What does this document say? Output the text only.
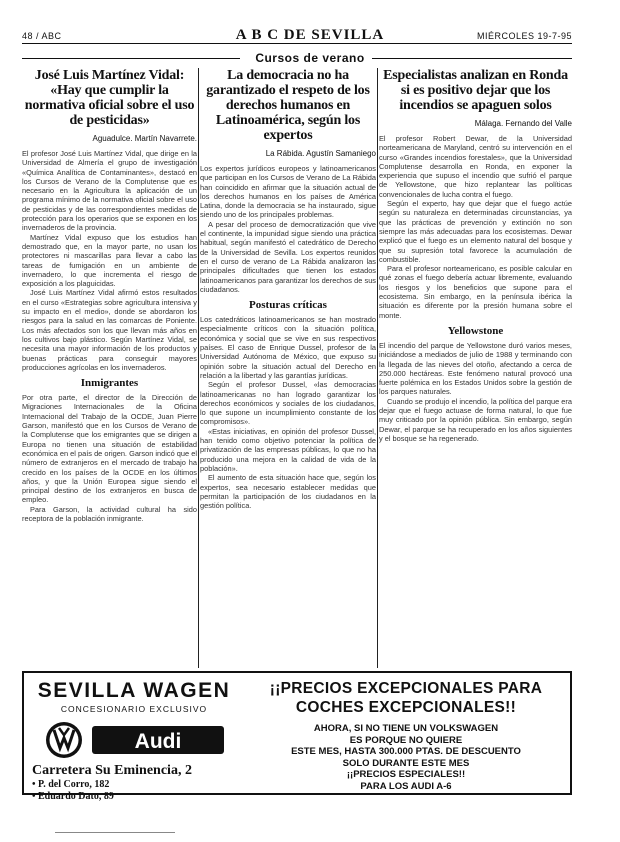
48 / ABC	A B C DE SEVILLA	MIÉRCOLES 19-7-95
Cursos de verano
José Luis Martínez Vidal: «Hay que cumplir la normativa oficial sobre el uso de pesticidas»
Aguadulce. Martín Navarrete.

El profesor José Luis Martínez Vidal, que dirige en la Universidad de Almería el grupo de investigación «Química Analítica de Contaminantes», destacó en los Cursos de Verano de la Complutense que es necesario en la Agricultura la aplicación de un programa mínimo de la normativa oficial sobre el uso de pesticidas y de las correspondientes medidas de protección para los operarios que se exponen en los invernaderos de la provincia.

Martínez Vidal expuso que los estudios han demostrado que, en la mayor parte, no usan los protectores ni mascarillas para llevar a cabo las tareas de fumigación en un ambiente de invernadero, lo que incrementa el riesgo de exposición a los plaguicidas.

José Luis Martínez Vidal afirmó estos resultados en el curso «Estrategias sobre agricultura intensiva y su impacto en el medio», donde se abordaron los riesgos para la salud en las comarcas de Poniente. Los más afectados son los que llevan más años en los cultivos bajo plástico. Según Martínez Vidal, se necesita una mayor información de los productos y buenas prácticas para conseguir mayores producciones agrícolas en los invernaderos.

Inmigrantes

Por otra parte, el director de la Dirección de Migraciones Internacionales de la Oficina Internacional del Trabajo de la OCDE, Juan Pierre Garson, manifestó que en los Cursos de Verano de la Complutense que los emigrantes que se dirigen a Europa no tienen una situación de estabilidad económica en el país de origen. Garson indicó que el número de extranjeros en el mercado de trabajo ha crecido en los países de la OCDE en los últimos años, y que la Unión Europea sigue siendo el principal destino de los extranjeros en busca de empleo.

Para Garson, la actividad cultural ha sido receptora de la población inmigrante.

La democracia no ha garantizado el respeto de los derechos humanos en Latinoamérica, según los expertos
La Rábida. Agustín Samaniego

Los expertos jurídicos europeos y latinoamericanos que participan en los Cursos de Verano de La Rábida han coincidido en afirmar que la situación actual de los derechos humanos en los países de América Latina, donde la democracia se ha instaurado, sigue siendo uno de los principales problemas.

A pesar del proceso de democratización que vive el continente, la impunidad sigue siendo una práctica habitual, según manifestó el catedrático de Derecho de la Universidad de Sevilla. Los expertos reunidos en el curso de verano de La Rábida analizaron las principales dificultades que tienen los estados latinoamericanos para garantizar los derechos de sus ciudadanos.

Posturas críticas

Los catedráticos latinoamericanos se han mostrado especialmente críticos con la situación política, económica y social que se vive en sus respectivos países. El caso de Enrique Dussel, profesor de la Universidad Autónoma de México, que expuso su opinión sobre la situación actual del Derecho en relación a la libertad y las garantías jurídicas.

Según el profesor Dussel, «las democracias latinoamericanas no han logrado garantizar los derechos económicos y sociales de los ciudadanos, lo que supone un incumplimiento constante de los compromisos».

«Estas iniciativas, en opinión del profesor Dussel, han tenido como objetivo potenciar la política de privatización de las empresas públicas, lo que no ha producido una mejora en la calidad de vida de la población».

El aumento de esta situación hace que, según los expertos, sea necesario establecer medidas que permitan la participación de los ciudadanos en la gestión política.

Especialistas analizan en Ronda si es positivo dejar que los incendios se apaguen solos
Málaga. Fernando del Valle

El profesor Robert Dewar, de la Universidad norteamericana de Maryland, centró su intervención en el curso «Grandes incendios forestales», que la Universidad Complutense desarrolla en Ronda, en exponer la experiencia que supuso el incendio que sufrió el parque de Yellowstone, que hizo replantear las políticas convencionales de lucha contra el fuego.

Según el experto, hay que dejar que el fuego actúe según su naturaleza en determinadas circunstancias, ya que las prácticas de prevención y extinción no son siempre las más adecuadas para los ecosistemas. Dewar explicó que el fuego es un elemento natural del bosque y que su supresión total favorece la acumulación de combustible.

Para el profesor norteamericano, es posible calcular en qué zonas el fuego debería actuar libremente, evaluando los riesgos y los beneficios que supone para el ecosistema. Sin embargo, en la península ibérica la situación es diferente por la presión humana sobre el monte.

Yellowstone

El incendio del parque de Yellowstone duró varios meses, iniciándose a mediados de julio de 1988 y terminando con la llegada de las nieves del otoño, afectando a cerca de 250.000 hectáreas. Este fenómeno natural provocó una fuerte polémica en los Estados Unidos sobre la gestión de los parques naturales.

Cuando se produjo el incendio, la política del parque era dejar que el fuego actuase de forma natural, lo que fue muy criticado por la opinión pública. Sin embargo, según Dewar, el parque se ha recuperado en los años siguientes y el bosque se ha regenerado.

SEVILLA WAGEN
CONCESIONARIO EXCLUSIVO
Audi
Carretera Su Eminencia, 2
• P. del Corro, 182
• Eduardo Dato, 89

¡¡PRECIOS EXCEPCIONALES PARA

COCHES EXCEPCIONALES!!

AHORA, SI NO TIENE UN VOLKSWAGEN

ES PORQUE NO QUIERE

ESTE MES, HASTA 300.000 PTAS. DE DESCUENTO

SOLO DURANTE ESTE MES

¡¡PRECIOS ESPECIALES!!

PARA LOS AUDI A-6
